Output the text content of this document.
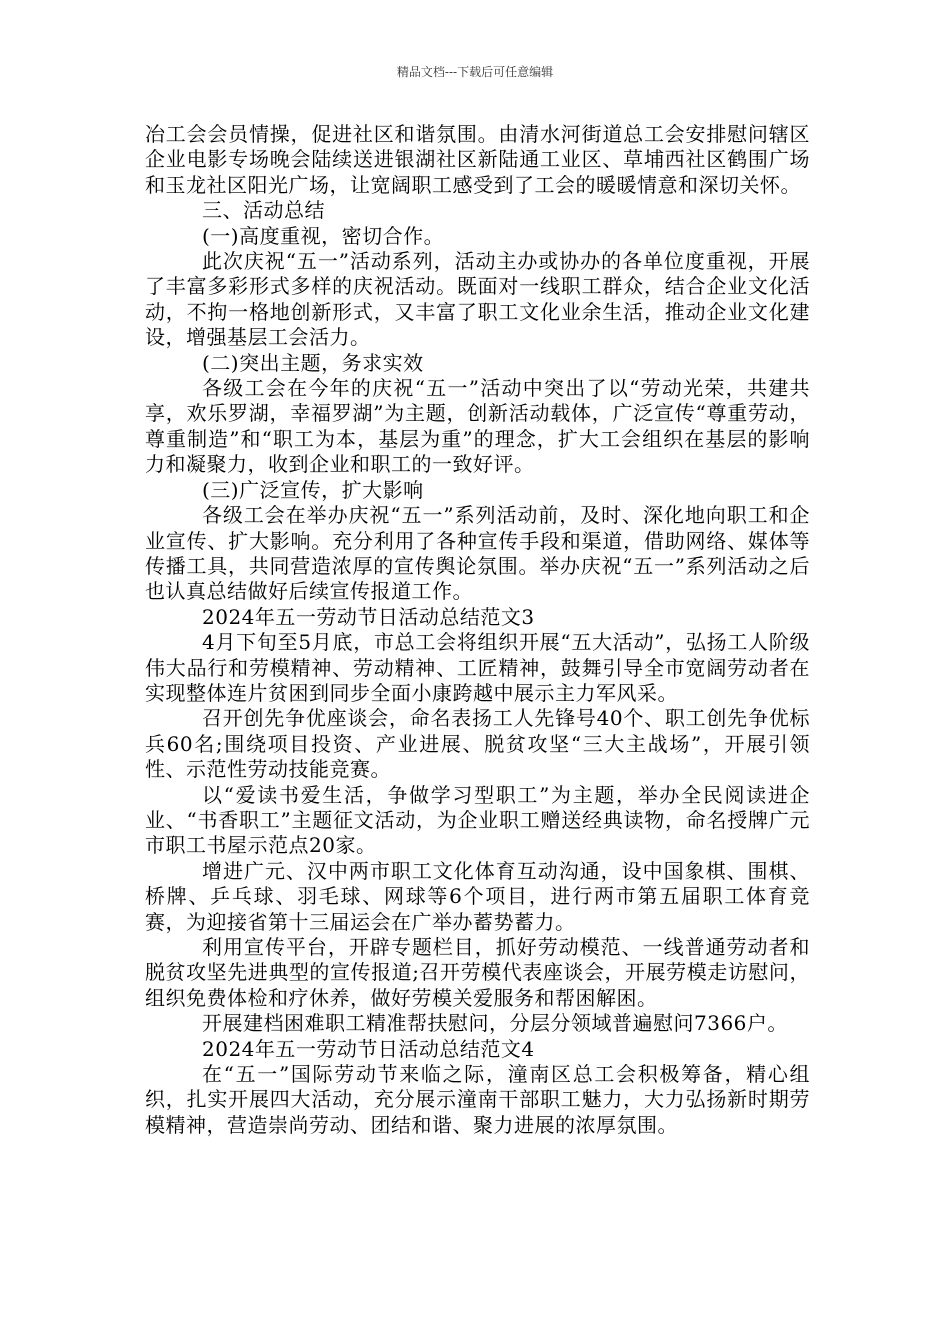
精品文档---下载后可任意编辑

冶工会会员情操，促进社区和谐氛围。由清水河街道总工会安排慰问辖区企业电影专场晚会陆续送进银湖社区新陆通工业区、草埔西社区鹤围广场和玉龙社区阳光广场，让宽阔职工感受到了工会的暖暖情意和深切关怀。

三、活动总结

(一)高度重视，密切合作。

此次庆祝“五一”活动系列，活动主办或协办的各单位度重视，开展了丰富多彩形式多样的庆祝活动。既面对一线职工群众，结合企业文化活动，不拘一格地创新形式，又丰富了职工文化业余生活，推动企业文化建设，增强基层工会活力。

(二)突出主题，务求实效

各级工会在今年的庆祝“五一”活动中突出了以“劳动光荣，共建共享，欢乐罗湖，幸福罗湖”为主题，创新活动载体，广泛宣传“尊重劳动，尊重制造”和“职工为本，基层为重”的理念，扩大工会组织在基层的影响力和凝聚力，收到企业和职工的一致好评。

(三)广泛宣传，扩大影响

各级工会在举办庆祝“五一”系列活动前，及时、深化地向职工和企业宣传、扩大影响。充分利用了各种宣传手段和渠道，借助网络、媒体等传播工具，共同营造浓厚的宣传舆论氛围。举办庆祝“五一”系列活动之后也认真总结做好后续宣传报道工作。

2024年五一劳动节日活动总结范文3

4月下旬至5月底，市总工会将组织开展“五大活动”，弘扬工人阶级伟大品行和劳模精神、劳动精神、工匠精神，鼓舞引导全市宽阔劳动者在实现整体连片贫困到同步全面小康跨越中展示主力军风采。

召开创先争优座谈会，命名表扬工人先锋号40个、职工创先争优标兵60名;围绕项目投资、产业进展、脱贫攻坚“三大主战场”，开展引领性、示范性劳动技能竞赛。

以“爱读书爱生活，争做学习型职工”为主题，举办全民阅读进企业、“书香职工”主题征文活动，为企业职工赠送经典读物，命名授牌广元市职工书屋示范点20家。

增进广元、汉中两市职工文化体育互动沟通，设中国象棋、围棋、桥牌、乒乓球、羽毛球、网球等6个项目，进行两市第五届职工体育竞赛，为迎接省第十三届运会在广举办蓄势蓄力。

利用宣传平台，开辟专题栏目，抓好劳动模范、一线普通劳动者和脱贫攻坚先进典型的宣传报道;召开劳模代表座谈会，开展劳模走访慰问，组织免费体检和疗休养，做好劳模关爱服务和帮困解困。

开展建档困难职工精准帮扶慰问，分层分领域普遍慰问7366户。

2024年五一劳动节日活动总结范文4

在“五一”国际劳动节来临之际，潼南区总工会积极筹备，精心组织，扎实开展四大活动，充分展示潼南干部职工魅力，大力弘扬新时期劳模精神，营造崇尚劳动、团结和谐、聚力进展的浓厚氛围。
